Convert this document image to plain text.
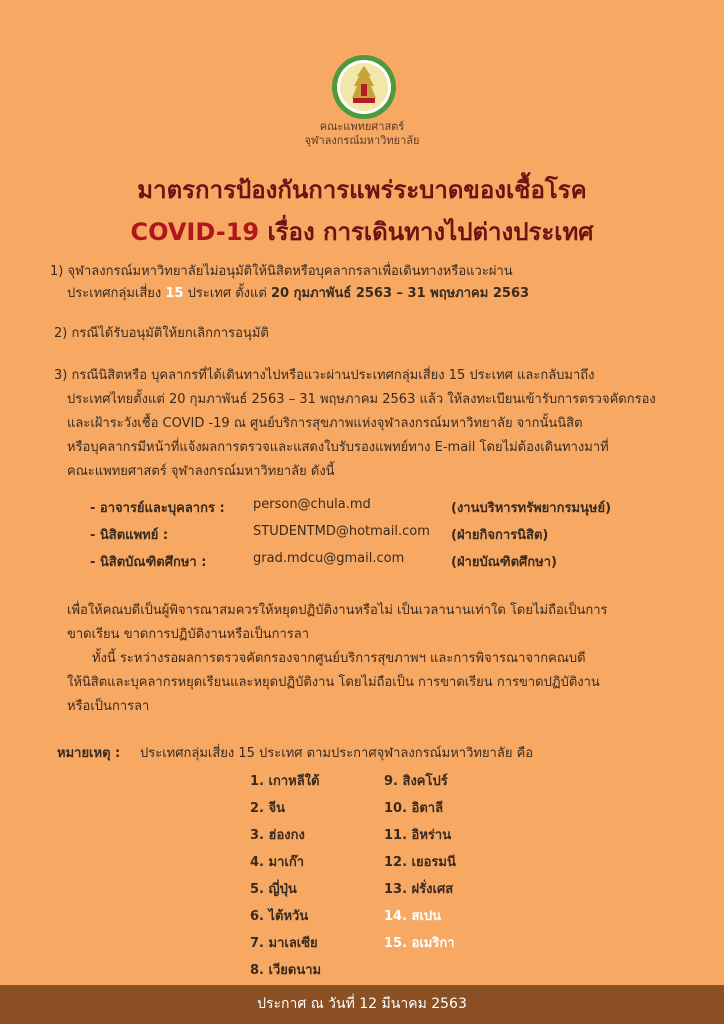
คณะแพทยศาสตร์
จุฬาลงกรณ์มหาวิทยาลัย
มาตรการป้องกันการแพร่ระบาดของเชื้อโรค
COVID-19 เรื่อง การเดินทางไปต่างประเทศ

1) จุฬาลงกรณ์มหาวิทยาลัยไม่อนุมัติให้นิสิตหรือบุคลากรลาเพื่อเดินทางหรือแวะผ่าน

ประเทศกลุ่มเสี่ยง 15 ประเทศ ตั้งแต่ 20 กุมภาพันธ์ 2563 – 31 พฤษภาคม 2563

2) กรณีได้รับอนุมัติให้ยกเลิกการอนุมัติ

3) กรณีนิสิตหรือ บุคลากรที่ได้เดินทางไปหรือแวะผ่านประเทศกลุ่มเสี่ยง 15 ประเทศ และกลับมาถึง

ประเทศไทยตั้งแต่ 20 กุมภาพันธ์ 2563 – 31 พฤษภาคม 2563 แล้ว ให้ลงทะเบียนเข้ารับการตรวจคัดกรอง

และเฝ้าระวังเชื้อ COVID -19 ณ ศูนย์บริการสุขภาพแห่งจุฬาลงกรณ์มหาวิทยาลัย จากนั้นนิสิต

หรือบุคลากรมีหน้าที่แจ้งผลการตรวจและแสดงใบรับรองแพทย์ทาง E-mail โดยไม่ต้องเดินทางมาที่

คณะแพทยศาสตร์ จุฬาลงกรณ์มหาวิทยาลัย ดังนี้

- อาจารย์และบุคลากร : person@chula.md	(งานบริหารทรัพยากรมนุษย์)
- นิสิตแพทย์ :	STUDENTMD@hotmail.com (ฝ่ายกิจการนิสิต)
- นิสิตบัณฑิตศึกษา :	grad.mdcu@gmail.com	(ฝ่ายบัณฑิตศึกษา)

เพื่อให้คณบดีเป็นผู้พิจารณาสมควรให้หยุดปฏิบัติงานหรือไม่ เป็นเวลานานเท่าใด โดยไม่ถือเป็นการ

ขาดเรียน ขาดการปฏิบัติงานหรือเป็นการลา

ทั้งนี้ ระหว่างรอผลการตรวจคัดกรองจากศูนย์บริการสุขภาพฯ และการพิจารณาจากคณบดี

ให้นิสิตและบุคลากรหยุดเรียนและหยุดปฏิบัติงาน โดยไม่ถือเป็น การขาดเรียน การขาดปฏิบัติงาน

หรือเป็นการลา

หมายเหตุ : ประเทศกลุ่มเสี่ยง 15 ประเทศ ตามประกาศจุฬาลงกรณ์มหาวิทยาลัย คือ
1. เกาหลีใต้
2. จีน
3. ฮ่องกง
4. มาเก๊า
5. ญี่ปุ่น
6. ไต้หวัน
7. มาเลเซีย
8. เวียดนาม
9. สิงคโปร์
10. อิตาลี
11. อิหร่าน
12. เยอรมนี
13. ฝรั่งเศส
14. สเปน
15. อเมริกา
ประกาศ ณ วันที่ 12 มีนาคม 2563
